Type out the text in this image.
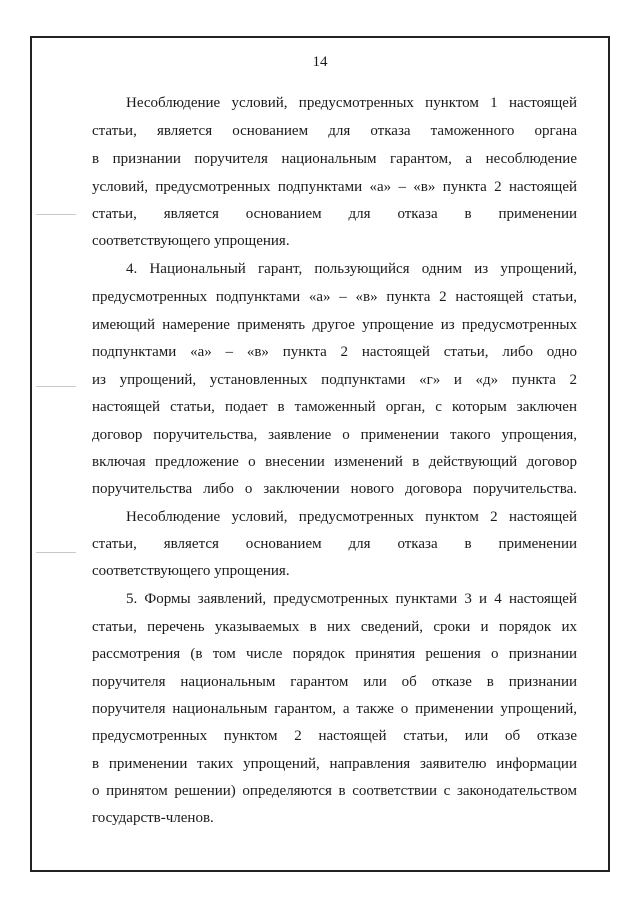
14
Несоблюдение условий, предусмотренных пунктом 1 настоящей
статьи, является основанием для отказа таможенного органа
в признании поручителя национальным гарантом, а несоблюдение
условий, предусмотренных подпунктами «а» – «в» пункта 2 настоящей
статьи, является основанием для отказа в применении
соответствующего упрощения.
4. Национальный гарант, пользующийся одним из упрощений,
предусмотренных подпунктами «а» – «в» пункта 2 настоящей статьи,
имеющий намерение применять другое упрощение из предусмотренных
подпунктами «а» – «в» пункта 2 настоящей статьи, либо одно
из упрощений, установленных подпунктами «г» и «д» пункта 2
настоящей статьи, подает в таможенный орган, с которым заключен
договор поручительства, заявление о применении такого упрощения,
включая предложение о внесении изменений в действующий договор
поручительства либо о заключении нового договора поручительства.
Несоблюдение условий, предусмотренных пунктом 2 настоящей
статьи, является основанием для отказа в применении
соответствующего упрощения.
5. Формы заявлений, предусмотренных пунктами 3 и 4 настоящей
статьи, перечень указываемых в них сведений, сроки и порядок их
рассмотрения (в том числе порядок принятия решения о признании
поручителя национальным гарантом или об отказе в признании
поручителя национальным гарантом, а также о применении упрощений,
предусмотренных пунктом 2 настоящей статьи, или об отказе
в применении таких упрощений, направления заявителю информации
о принятом решении) определяются в соответствии с законодательством
государств-членов.
